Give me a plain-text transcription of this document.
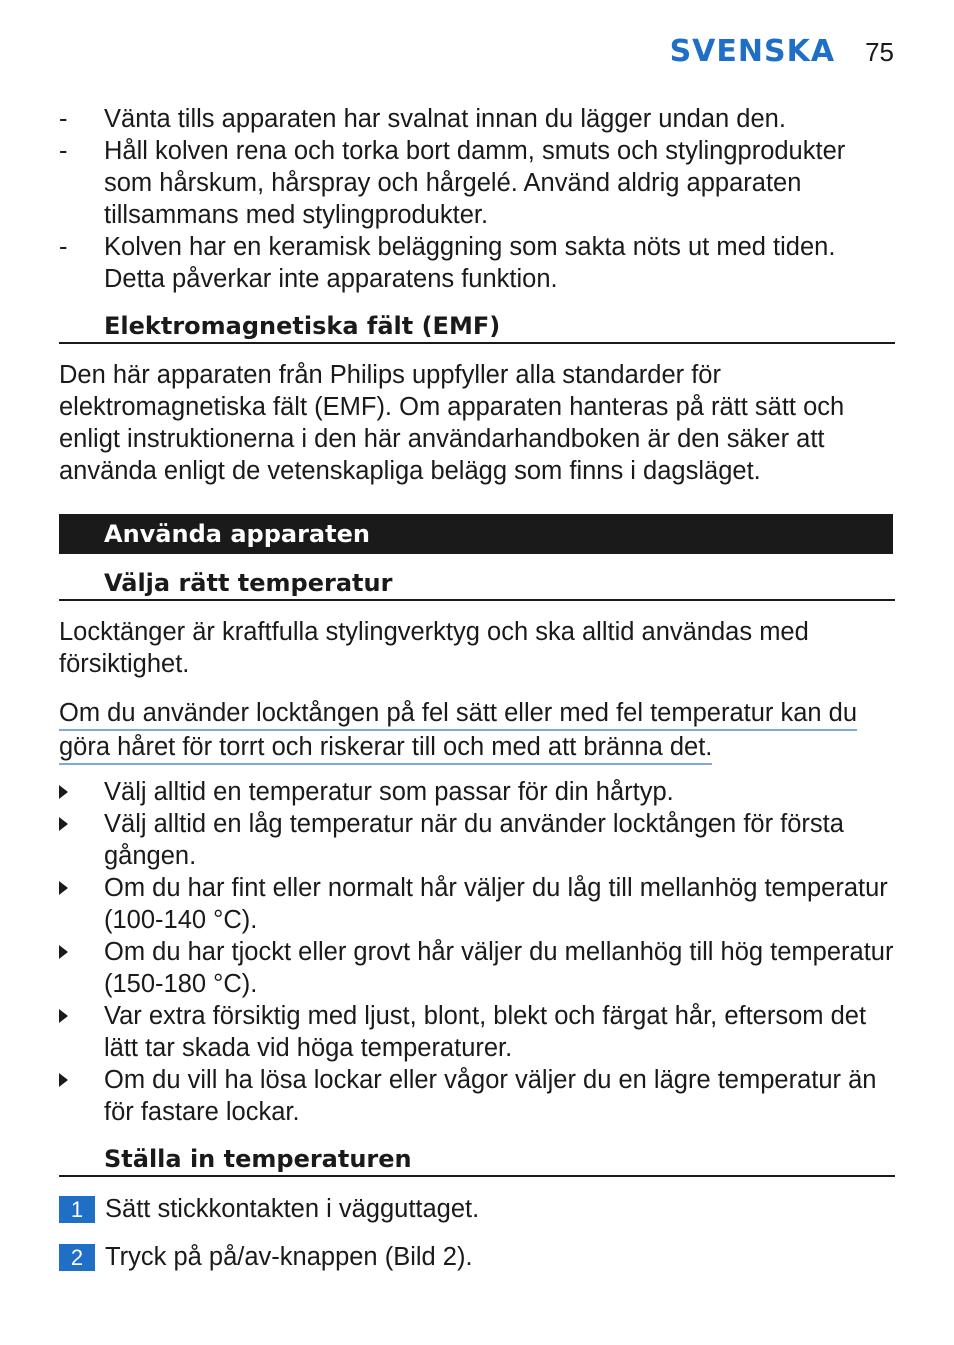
SVENSKA 75
- Vänta tills apparaten har svalnat innan du lägger undan den.
- Håll kolven rena och torka bort damm, smuts och stylingprodukter som hårskum, hårspray och hårgelé. Använd aldrig apparaten tillsammans med stylingprodukter.
- Kolven har en keramisk beläggning som sakta nöts ut med tiden. Detta påverkar inte apparatens funktion.
Elektromagnetiska fält (EMF)
Den här apparaten från Philips uppfyller alla standarder för elektromagnetiska fält (EMF). Om apparaten hanteras på rätt sätt och enligt instruktionerna i den här användarhandboken är den säker att använda enligt de vetenskapliga belägg som finns i dagsläget.
Använda apparaten
Välja rätt temperatur
Locktänger är kraftfulla stylingverktyg och ska alltid användas med försiktighet.
Om du använder locktången på fel sätt eller med fel temperatur kan du
göra håret för torrt och riskerar till och med att bränna det.
Välj alltid en temperatur som passar för din hårtyp.
Välj alltid en låg temperatur när du använder locktången för första gången.
Om du har fint eller normalt hår väljer du låg till mellanhög temperatur (100-140 °C).
Om du har tjockt eller grovt hår väljer du mellanhög till hög temperatur (150-180 °C).
Var extra försiktig med ljust, blont, blekt och färgat hår, eftersom det lätt tar skada vid höga temperaturer.
Om du vill ha lösa lockar eller vågor väljer du en lägre temperatur än för fastare lockar.
Ställa in temperaturen
1 Sätt stickkontakten i vägguttaget.
2 Tryck på på/av-knappen (Bild 2).
